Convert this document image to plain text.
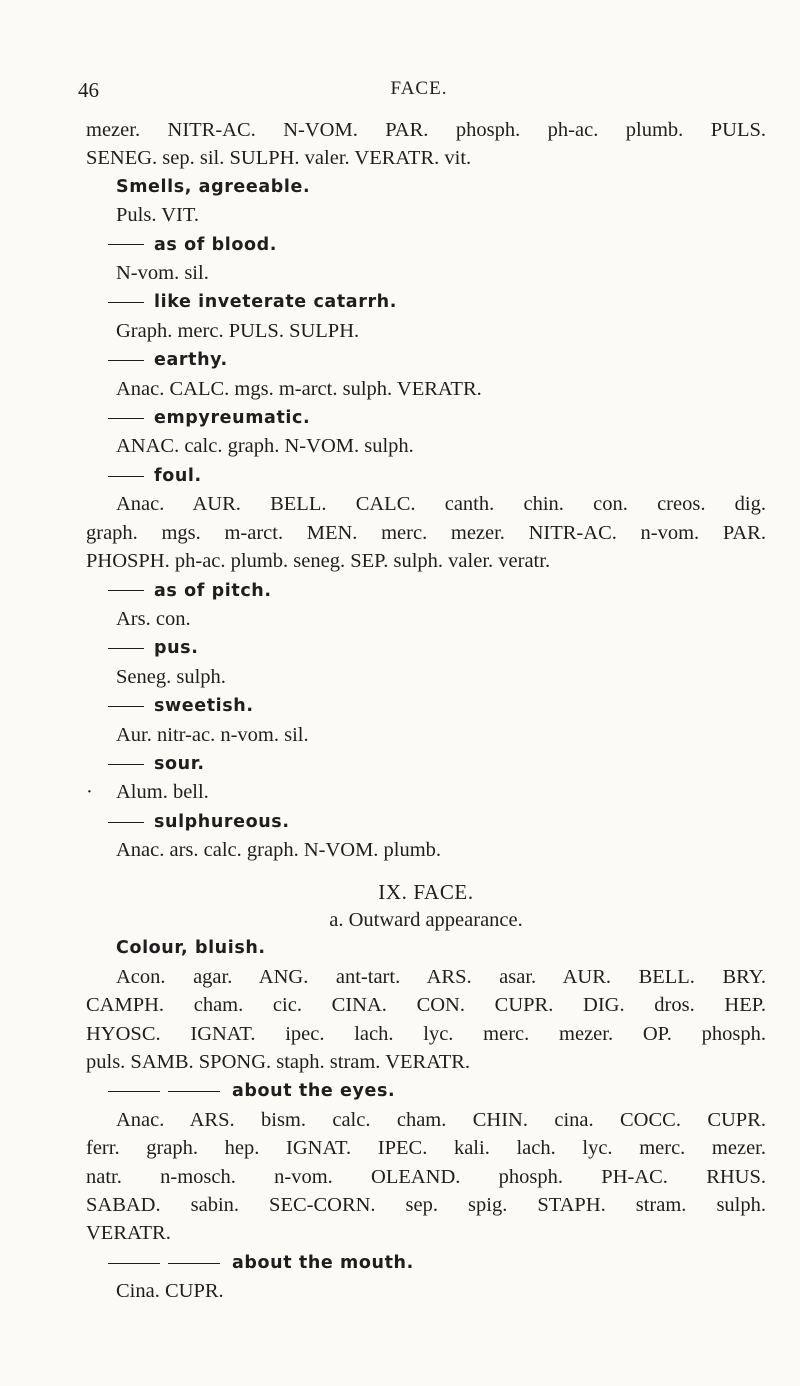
46	FACE.
mezer. NITR-AC. N-VOM. PAR. phosph. ph-ac. plumb. PULS.
SENEG. sep. sil. SULPH. valer. VERATR. vit.
Smells, agreeable.
Puls. VIT.
as of blood.
N-vom. sil.
like inveterate catarrh.
Graph. merc. PULS. SULPH.
earthy.
Anac. CALC. mgs. m-arct. sulph. VERATR.
empyreumatic.
ANAC. calc. graph. N-VOM. sulph.
foul.
Anac. AUR. BELL. CALC. canth. chin. con. creos. dig.
graph. mgs. m-arct. MEN. merc. mezer. NITR-AC. n-vom. PAR.
PHOSPH. ph-ac. plumb. seneg. SEP. sulph. valer. veratr.
as of pitch.
Ars. con.
pus.
Seneg. sulph.
sweetish.
Aur. nitr-ac. n-vom. sil.
sour.
· Alum. bell.
sulphureous.
Anac. ars. calc. graph. N-VOM. plumb.
IX. FACE.
a. Outward appearance.
Colour, bluish.
Acon. agar. ANG. ant-tart. ARS. asar. AUR. BELL. BRY.
CAMPH. cham. cic. CINA. CON. CUPR. DIG. dros. HEP.
HYOSC. IGNAT. ipec. lach. lyc. merc. mezer. OP. phosph.
puls. SAMB. SPONG. staph. stram. VERATR.
about the eyes.
Anac. ARS. bism. calc. cham. CHIN. cina. COCC. CUPR.
ferr. graph. hep. IGNAT. IPEC. kali. lach. lyc. merc. mezer.
natr. n-mosch. n-vom. OLEAND. phosph. PH-AC. RHUS.
SABAD. sabin. SEC-CORN. sep. spig. STAPH. stram. sulph.
VERATR.
about the mouth.
Cina. CUPR.
